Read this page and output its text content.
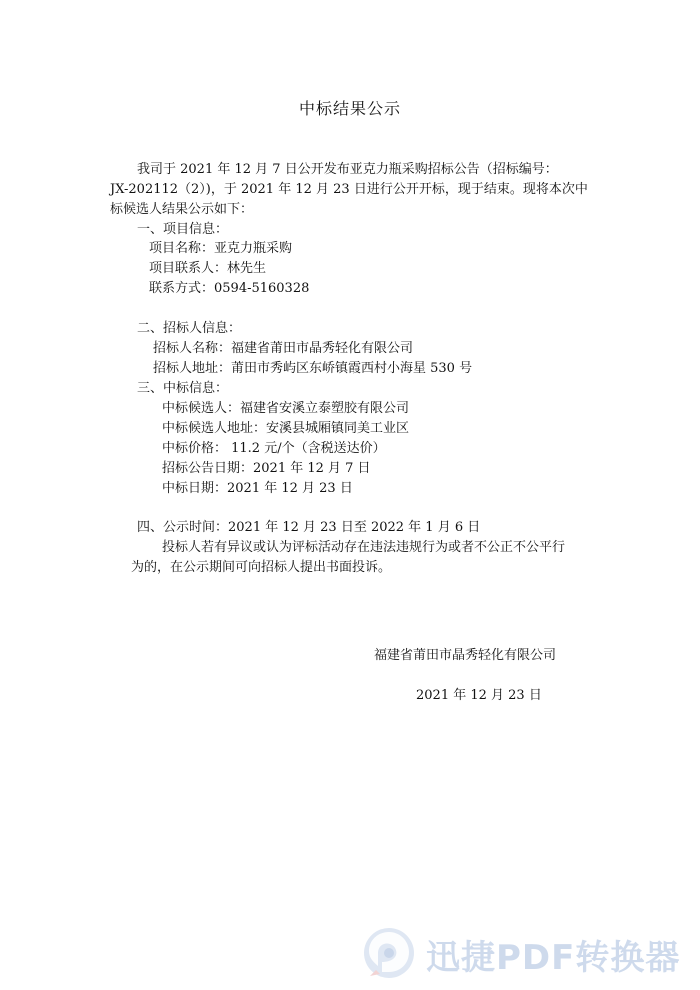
中标结果公示
我司于 2021 年 12 月 7 日公开发布亚克力瓶采购招标公告（招标编号：
JX-202112（2）)，于 2021 年 12 月 23 日进行公开开标，现于结束。现将本次中
标候选人结果公示如下：
一、项目信息：
项目名称：亚克力瓶采购
项目联系人：林先生
联系方式：0594-5160328
二、招标人信息：
招标人名称：福建省莆田市晶秀轻化有限公司
招标人地址：莆田市秀屿区东峤镇霞西村小海星 530 号
三、中标信息：
中标候选人：福建省安溪立泰塑胶有限公司
中标候选人地址：安溪县城厢镇同美工业区
中标价格： 11.2 元/个（含税送达价）
招标公告日期：2021 年 12 月 7 日
中标日期：2021 年 12 月 23 日
四、公示时间：2021 年 12 月 23 日至 2022 年 1 月 6 日
投标人若有异议或认为评标活动存在违法违规行为或者不公正不公平行
为的，在公示期间可向招标人提出书面投诉。
福建省莆田市晶秀轻化有限公司
2021 年 12 月 23 日
迅捷PDF转换器
